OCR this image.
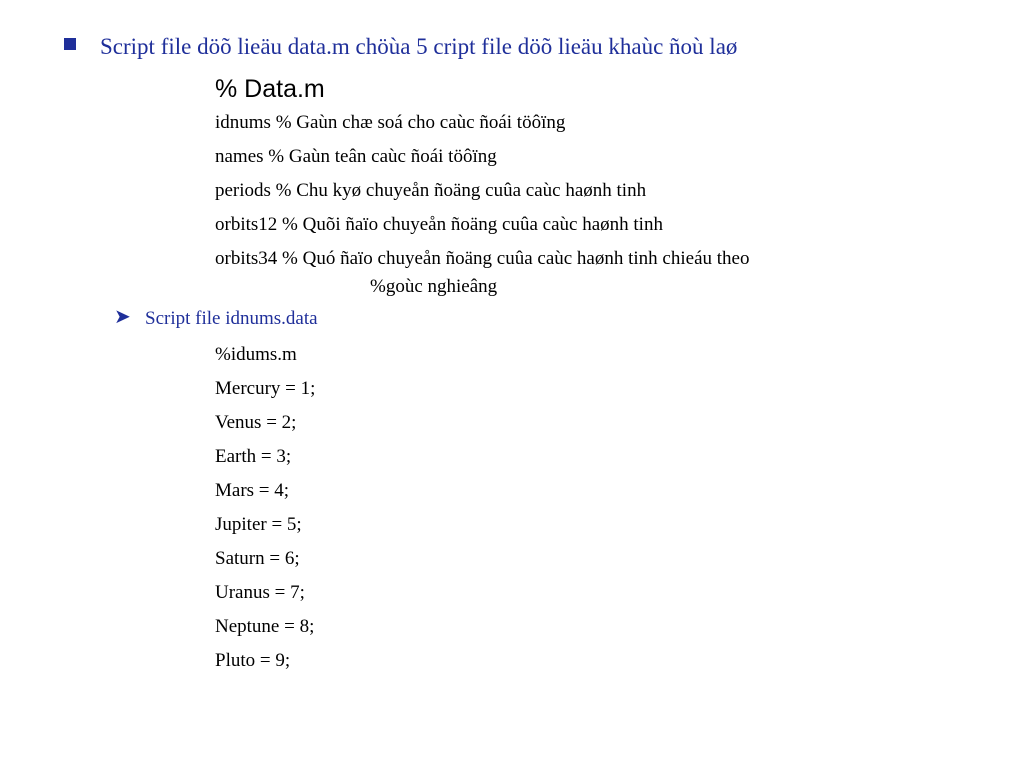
Script file döõ lieäu data.m chöùa 5 cript file döõ lieäu khaùc ñoù laø
% Data.m
idnums % Gaùn chæ soá cho caùc ñoái töôïng
names % Gaùn teân caùc ñoái töôïng
periods % Chu kyø chuyeån ñoäng cuûa caùc haønh tinh
orbits12 % Quõi ñaïo chuyeån ñoäng cuûa caùc haønh tinh
orbits34 % Quó ñaïo chuyeån ñoäng cuûa caùc haønh tinh chieáu theo
%goùc nghieâng
➤ Script file idnums.data
%idums.m
Mercury = 1;
Venus = 2;
Earth = 3;
Mars = 4;
Jupiter = 5;
Saturn = 6;
Uranus = 7;
Neptune = 8;
Pluto = 9;
